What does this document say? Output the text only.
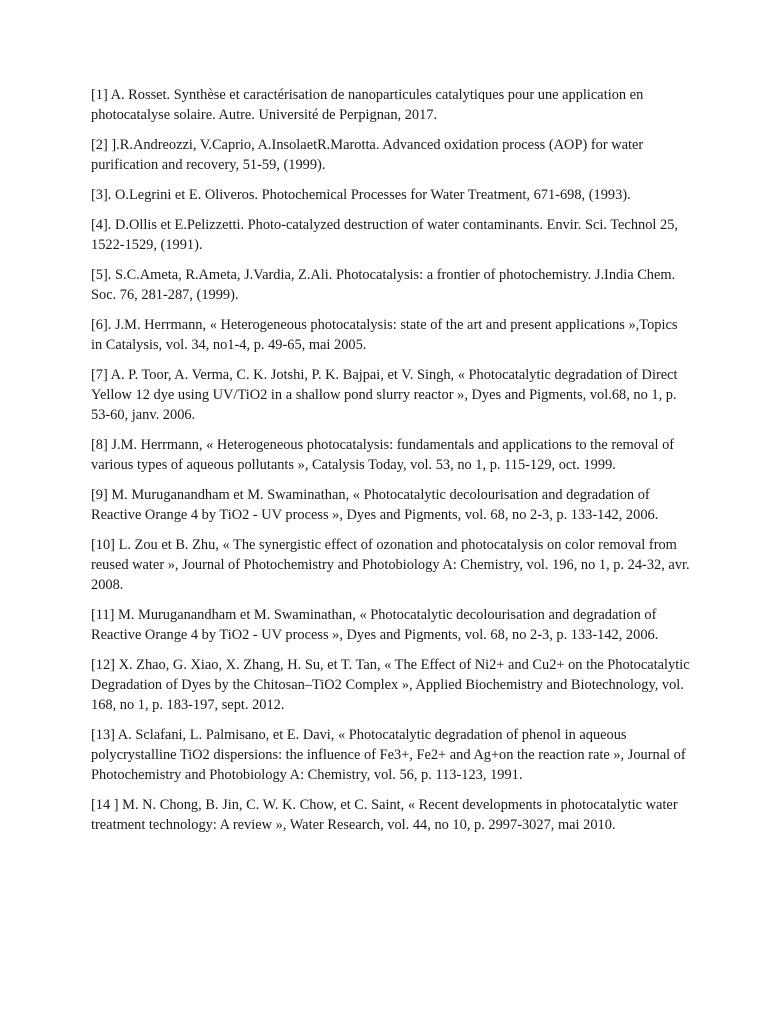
[1] A. Rosset. Synthèse et caractérisation de nanoparticules catalytiques pour une application en photocatalyse solaire. Autre. Université de Perpignan, 2017.

[2] ].R.Andreozzi, V.Caprio, A.InsolaetR.Marotta. Advanced oxidation process (AOP) for water purification and recovery, 51-59, (1999).

[3]. O.Legrini et E. Oliveros. Photochemical Processes for Water Treatment, 671-698, (1993).

[4]. D.Ollis et E.Pelizzetti. Photo-catalyzed destruction of water contaminants. Envir. Sci. Technol 25, 1522-1529, (1991).

[5]. S.C.Ameta, R.Ameta, J.Vardia, Z.Ali. Photocatalysis: a frontier of photochemistry. J.India Chem. Soc. 76, 281-287, (1999).

[6]. J.M. Herrmann, « Heterogeneous photocatalysis: state of the art and present applications »,Topics in Catalysis, vol. 34, no1-4, p. 49-65, mai 2005.

[7] A. P. Toor, A. Verma, C. K. Jotshi, P. K. Bajpai, et V. Singh, « Photocatalytic degradation of Direct Yellow 12 dye using UV/TiO2 in a shallow pond slurry reactor », Dyes and Pigments, vol.68, no 1, p. 53-60, janv. 2006.

[8] J.M. Herrmann, « Heterogeneous photocatalysis: fundamentals and applications to the removal of various types of aqueous pollutants », Catalysis Today, vol. 53, no 1, p. 115-129, oct. 1999.

[9] M. Muruganandham et M. Swaminathan, « Photocatalytic decolourisation and degradation of Reactive Orange 4 by TiO2 - UV process », Dyes and Pigments, vol. 68, no 2-3, p. 133-142, 2006.

[10] L. Zou et B. Zhu, « The synergistic effect of ozonation and photocatalysis on color removal from reused water », Journal of Photochemistry and Photobiology A: Chemistry, vol. 196, no 1, p. 24-32, avr. 2008.

[11] M. Muruganandham et M. Swaminathan, « Photocatalytic decolourisation and degradation of Reactive Orange 4 by TiO2 - UV process », Dyes and Pigments, vol. 68, no 2-3, p. 133-142, 2006.

[12] X. Zhao, G. Xiao, X. Zhang, H. Su, et T. Tan, « The Effect of Ni2+ and Cu2+ on the Photocatalytic Degradation of Dyes by the Chitosan–TiO2 Complex », Applied Biochemistry and Biotechnology, vol. 168, no 1, p. 183-197, sept. 2012.

[13] A. Sclafani, L. Palmisano, et E. Davi, « Photocatalytic degradation of phenol in aqueous polycrystalline TiO2 dispersions: the influence of Fe3+, Fe2+ and Ag+on the reaction rate », Journal of Photochemistry and Photobiology A: Chemistry, vol. 56, p. 113-123, 1991.

[14 ] M. N. Chong, B. Jin, C. W. K. Chow, et C. Saint, « Recent developments in photocatalytic water treatment technology: A review », Water Research, vol. 44, no 10, p. 2997-3027, mai 2010.
